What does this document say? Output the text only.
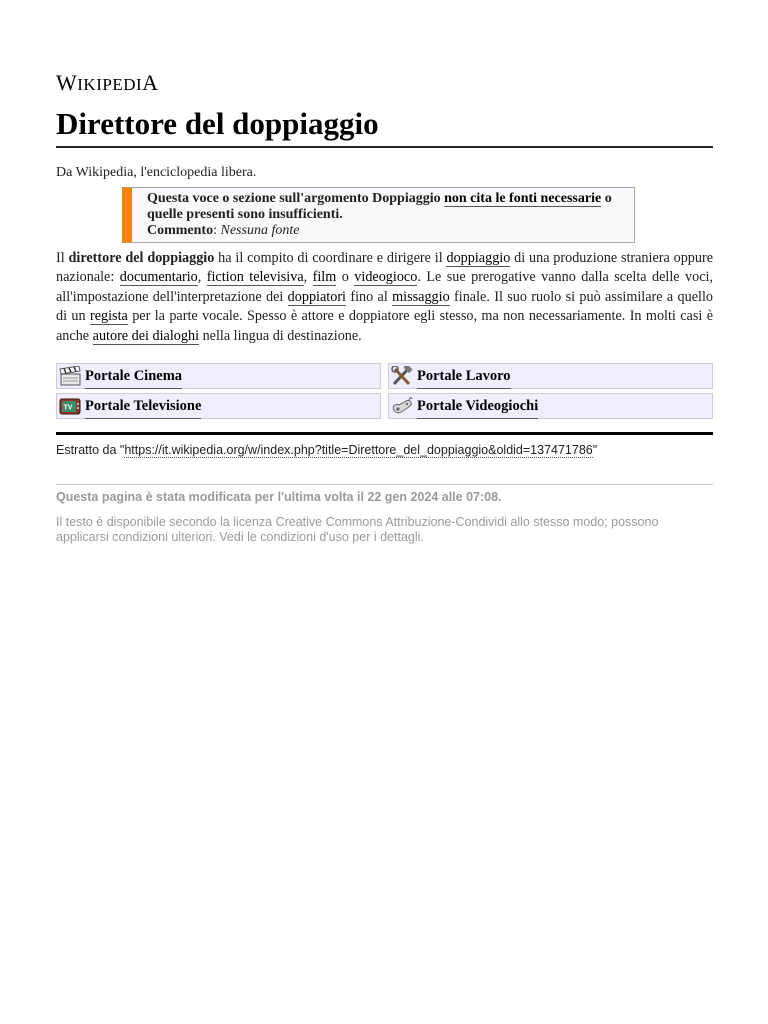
WIKIPEDIA
Direttore del doppiaggio
Da Wikipedia, l'enciclopedia libera.
Questa voce o sezione sull'argomento Doppiaggio non cita le fonti necessarie o quelle presenti sono insufficienti.
Commento: Nessuna fonte
Il direttore del doppiaggio ha il compito di coordinare e dirigere il doppiaggio di una produzione straniera oppure nazionale: documentario, fiction televisiva, film o videogioco. Le sue prerogative vanno dalla scelta delle voci, all'impostazione dell'interpretazione dei doppiatori fino al missaggio finale. Il suo ruolo si può assimilare a quello di un regista per la parte vocale. Spesso è attore e doppiatore egli stesso, ma non necessariamente. In molti casi è anche autore dei dialoghi nella lingua di destinazione.
Portale Cinema	Portale Lavoro
TV Portale Televisione	Portale Videogiochi
Estratto da "https://it.wikipedia.org/w/index.php?title=Direttore_del_doppiaggio&oldid=137471786"
Questa pagina è stata modificata per l'ultima volta il 22 gen 2024 alle 07:08.
Il testo è disponibile secondo la licenza Creative Commons Attribuzione-Condividi allo stesso modo; possono applicarsi condizioni ulteriori. Vedi le condizioni d'uso per i dettagli.
